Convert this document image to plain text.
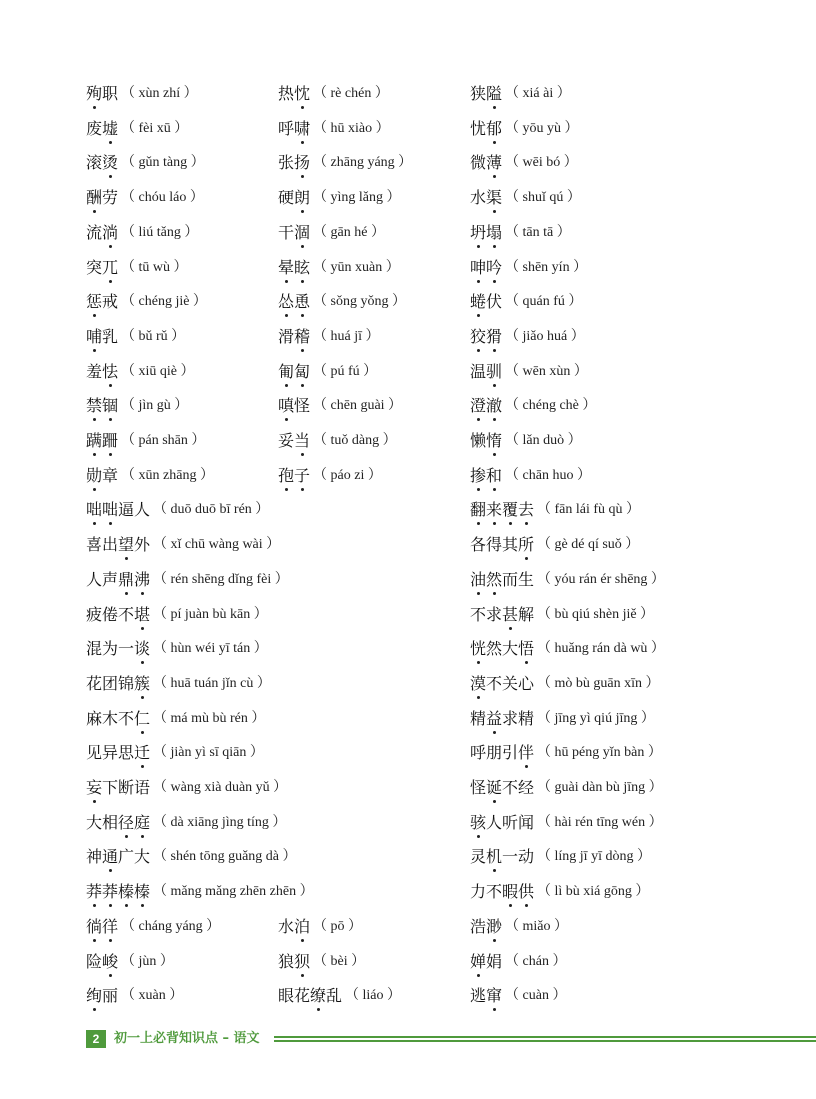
殉职 （ xùn zhí ）	热忱 （ rè chén ）	狭隘 （ xiá ài ）
废墟 （ fèi xū ）	呼啸 （ hū xiào ）	忧郁 （ yōu yù ）
滚烫 （ gǔn tàng ）	张扬 （ zhāng yáng ）	微薄 （ wēi bó ）
酬劳 （ chóu láo ）	硬朗 （ yìng lǎng ）	水渠 （ shuǐ qú ）
流淌 （ liú tǎng ）	干涸 （ gān hé ）	坍塌 （ tān tā ）
突兀 （ tū wù ）	晕眩 （ yūn xuàn ）	呻吟 （ shēn yín ）
惩戒 （ chéng jiè ）	怂恿 （ sǒng yǒng ）	蜷伏 （ quán fú ）
哺乳 （ bǔ rǔ ）	滑稽 （ huá jī ）	狡猾 （ jiǎo huá ）
羞怯 （ xiū qiè ）	匍匐 （ pú fú ）	温驯 （ wēn xùn ）
禁锢 （ jìn gù ）	嗔怪 （ chēn guài ）	澄澈 （ chéng chè ）
蹒跚 （ pán shān ）	妥当 （ tuǒ dàng ）	懒惰 （ lǎn duò ）
勋章 （ xūn zhāng ）	孢子 （ páo zi ）	掺和 （ chān huo ）
咄咄逼人 （ duō duō bī rén ）	翻来覆去 （ fān lái fù qù ）
喜出望外 （ xǐ chū wàng wài ）	各得其所 （ gè dé qí suǒ ）
人声鼎沸 （ rén shēng dǐng fèi ）	油然而生 （ yóu rán ér shēng ）
疲倦不堪 （ pí juàn bù kān ）	不求甚解 （ bù qiú shèn jiě ）
混为一谈 （ hùn wéi yī tán ）	恍然大悟 （ huǎng rán dà wù ）
花团锦簇 （ huā tuán jǐn cù ）	漠不关心 （ mò bù guān xīn ）
麻木不仁 （ má mù bù rén ）	精益求精 （ jīng yì qiú jīng ）
见异思迁 （ jiàn yì sī qiān ）	呼朋引伴 （ hū péng yǐn bàn ）
妄下断语 （ wàng xià duàn yǔ ）	怪诞不经 （ guài dàn bù jīng ）
大相径庭 （ dà xiāng jìng tíng ）	骇人听闻 （ hài rén tīng wén ）
神通广大 （ shén tōng guǎng dà ）	灵机一动 （ líng jī yī dòng ）
莽莽榛榛 （ mǎng mǎng zhēn zhēn ）	力不暇供 （ lì bù xiá gōng ）
徜徉 （ cháng yáng ）	水泊 （ pō ）	浩渺 （ miǎo ）
险峻 （ jùn ）	狼狈 （ bèi ）	婵娟 （ chán ）
绚丽 （ xuàn ）	眼花缭乱 （ liáo ）	逃窜 （ cuàn ）
2	初一上必背知识点 – 语文
